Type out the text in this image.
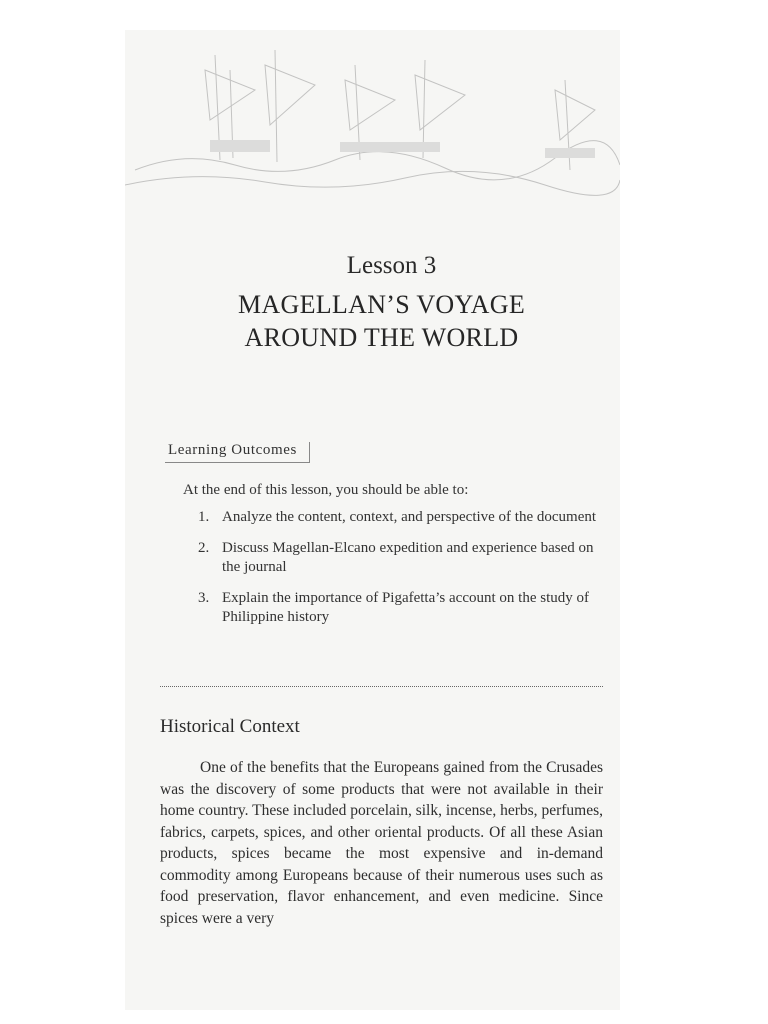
Lesson 3
MAGELLAN’S VOYAGE
AROUND THE WORLD
Learning Outcomes
At the end of this lesson, you should be able to:
1. Analyze the content, context, and perspective of the document
2. Discuss Magellan-Elcano expedition and experience based on the journal
3. Explain the importance of Pigafetta’s account on the study of Philippine history
Historical Context
One of the benefits that the Europeans gained from the Crusades was the discovery of some products that were not available in their home country. These included porcelain, silk, incense, herbs, perfumes, fabrics, carpets, spices, and other oriental products. Of all these Asian products, spices became the most expensive and in-demand commodity among Europeans because of their numerous uses such as food preservation, flavor enhancement, and even medicine. Since spices were a very
